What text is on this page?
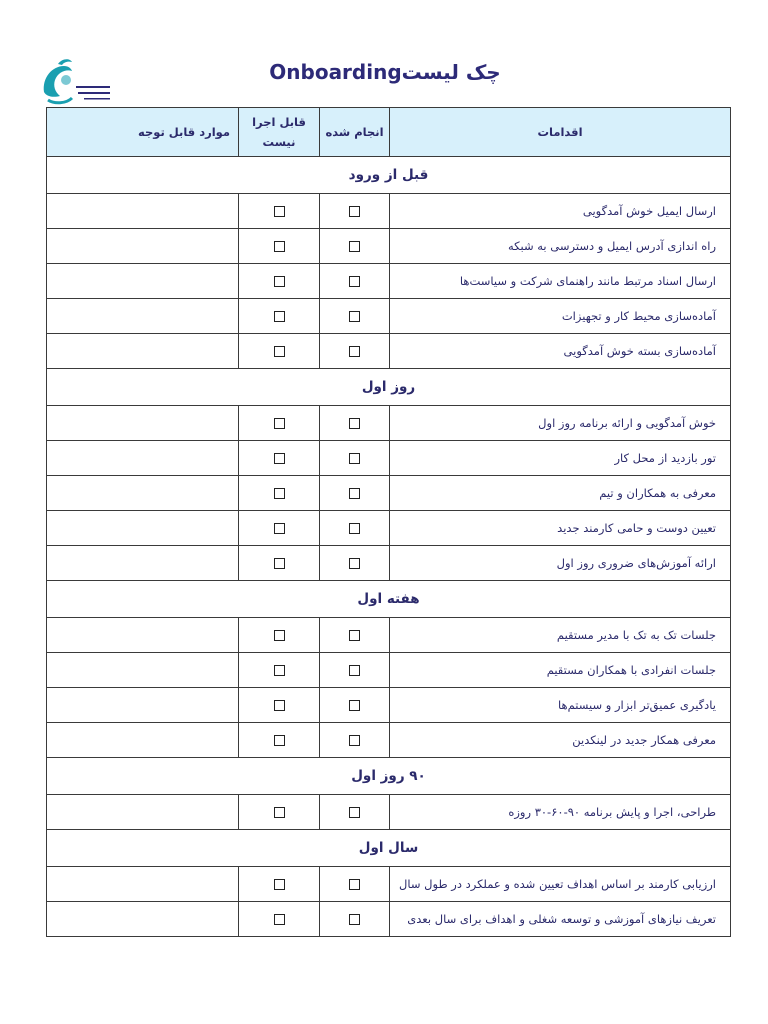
چک لیستOnboarding
اقدامات	انجام شده	قابل اجرا نیست	موارد قابل توجه
قبل از ورود			
ارسال ایمیل خوش آمدگویی			
راه اندازی آدرس ایمیل و دسترسی به شبکه			
ارسال اسناد مرتبط مانند راهنمای شرکت و سیاست‌ها			
آماده‌سازی محیط کار و تجهیزات			
آماده‌سازی بسته خوش آمدگویی			
روز اول			
خوش آمدگویی و ارائه برنامه روز اول			
تور بازدید از محل کار			
معرفی به همکاران و تیم			
تعیین دوست و حامی کارمند جدید			
ارائه آموزش‌های ضروری روز اول			
هفته اول			
جلسات تک به تک با مدیر مستقیم			
جلسات انفرادی با همکاران مستقیم			
یادگیری عمیق‌تر ابزار و سیستم‌ها			
معرفی همکار جدید در لینکدین			
۹۰ روز اول			
طراحی، اجرا و پایش برنامه ۹۰-۶۰-۳۰ روزه			
سال اول			
ارزیابی کارمند بر اساس اهداف تعیین شده و عملکرد در طول سال			
تعریف نیازهای آموزشی و توسعه شغلی و اهداف برای سال بعدی			
